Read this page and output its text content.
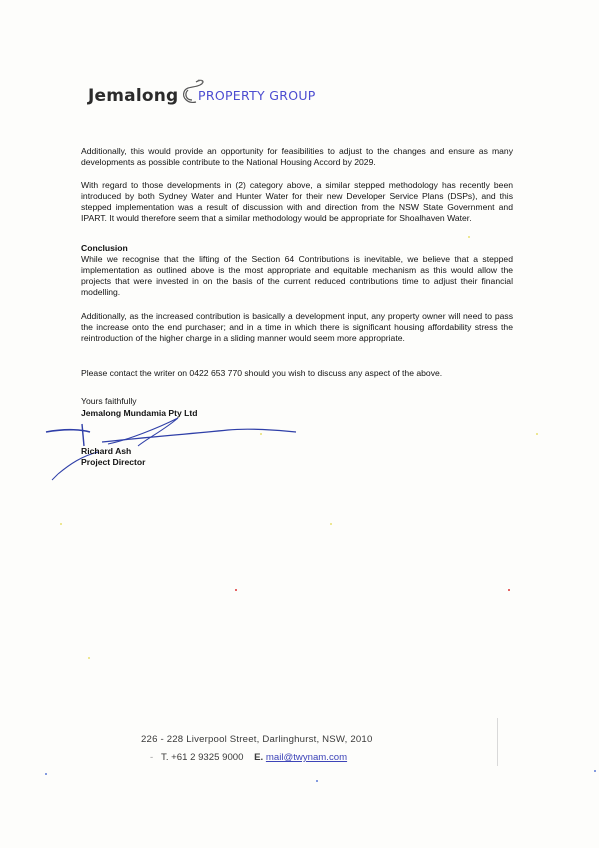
Jemalong PROPERTY GROUP

Additionally, this would provide an opportunity for feasibilities to adjust to the changes and ensure as many developments as possible contribute to the National Housing Accord by 2029.

With regard to those developments in (2) category above, a similar stepped methodology has recently been introduced by both Sydney Water and Hunter Water for their new Developer Service Plans (DSPs), and this stepped implementation was a result of discussion with and direction from the NSW State Government and IPART. It would therefore seem that a similar methodology would be appropriate for Shoalhaven Water.

Conclusion

While we recognise that the lifting of the Section 64 Contributions is inevitable, we believe that a stepped implementation as outlined above is the most appropriate and equitable mechanism as this would allow the projects that were invested in on the basis of the current reduced contributions time to adjust their financial modelling.

Additionally, as the increased contribution is basically a development input, any property owner will need to pass the increase onto the end purchaser; and in a time in which there is significant housing affordability stress the reintroduction of the higher charge in a sliding manner would seem more appropriate.

Please contact the writer on 0422 653 770 should you wish to discuss any aspect of the above.

Yours faithfully

Jemalong Mundamia Pty Ltd

Richard Ash

Project Director

226 - 228 Liverpool Street, Darlinghurst, NSW, 2010
-   T. +61 2 9325 9000 E. mail@twynam.com
